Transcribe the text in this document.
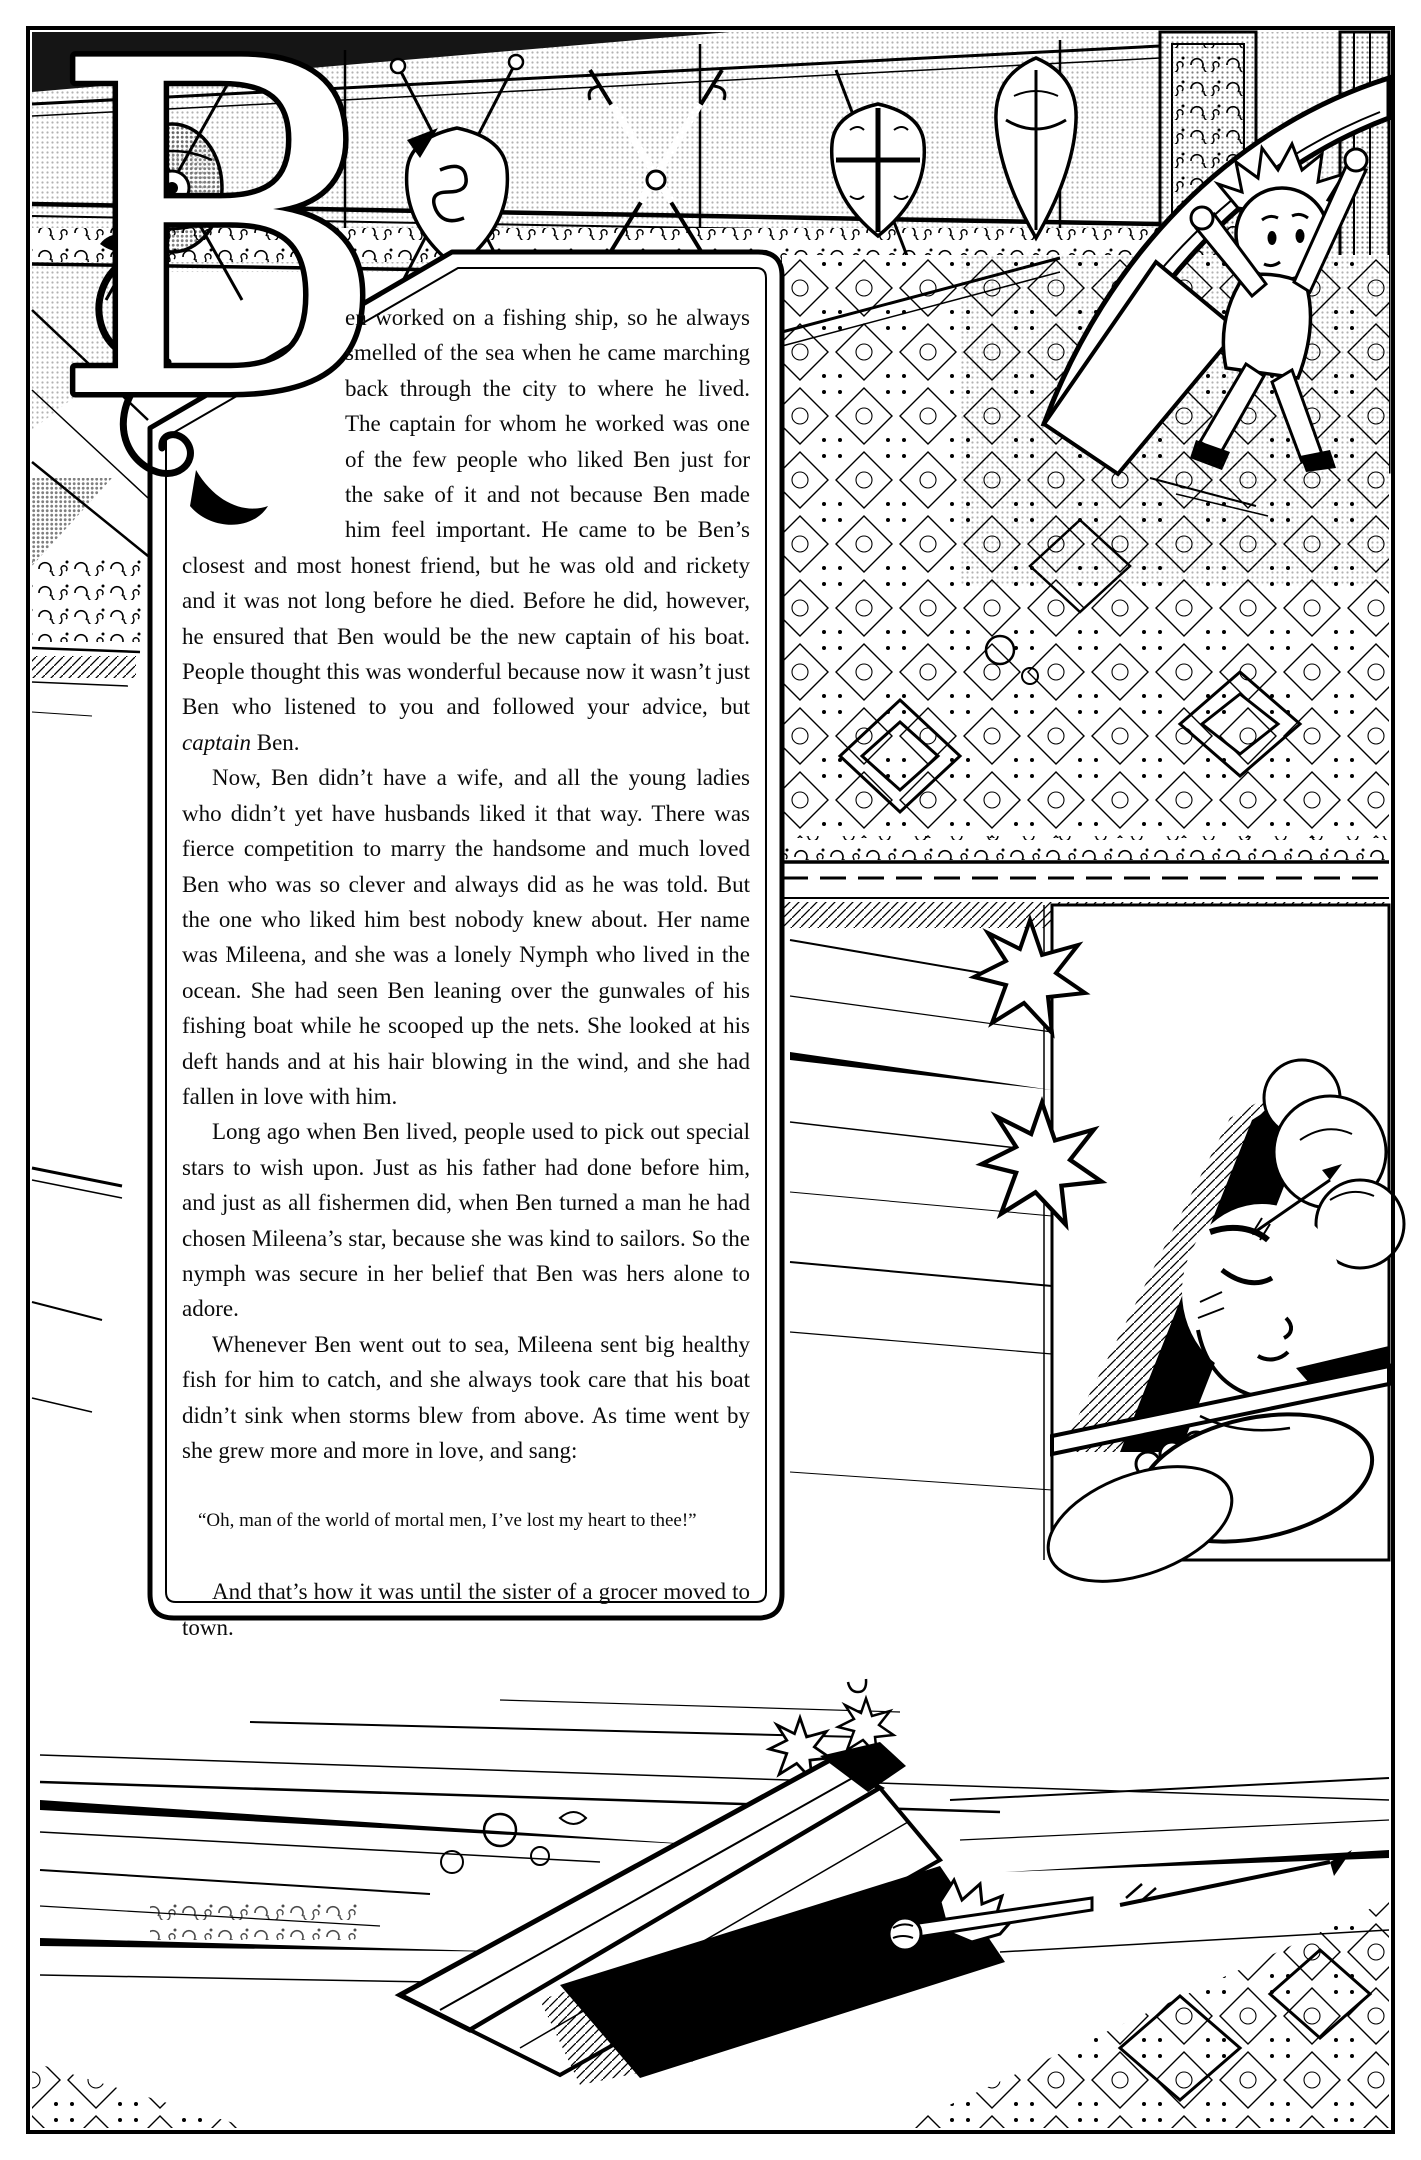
B

en worked on a fishing ship, so he always smelled of the sea when he came marching back through the city to where he lived. The captain for whom he worked was one of the few people who liked Ben just for the sake of it and not because Ben made him feel important. He came to be Ben’s closest and most honest friend, but he was old and rickety and it was not long before he died. Before he did, however, he ensured that Ben would be the new captain of his boat. People thought this was wonderful because now it wasn’t just Ben who listened to you and followed your advice, but captain Ben.

Now, Ben didn’t have a wife, and all the young ladies who didn’t yet have husbands liked it that way. There was fierce competition to marry the handsome and much loved Ben who was so clever and always did as he was told. But the one who liked him best nobody knew about. Her name was Mileena, and she was a lonely Nymph who lived in the ocean. She had seen Ben leaning over the gunwales of his fishing boat while he scooped up the nets. She looked at his deft hands and at his hair blowing in the wind, and she had fallen in love with him.

Long ago when Ben lived, people used to pick out special stars to wish upon. Just as his father had done before him, and just as all fishermen did, when Ben turned a man he had chosen Mileena’s star, because she was kind to sailors. So the nymph was secure in her belief that Ben was hers alone to adore.

Whenever Ben went out to sea, Mileena sent big healthy fish for him to catch, and she always took care that his boat didn’t sink when storms blew from above. As time went by she grew more and more in love, and sang:

“Oh, man of the world of mortal men, I’ve lost my heart to thee!”

And that’s how it was until the sister of a grocer moved to town.
